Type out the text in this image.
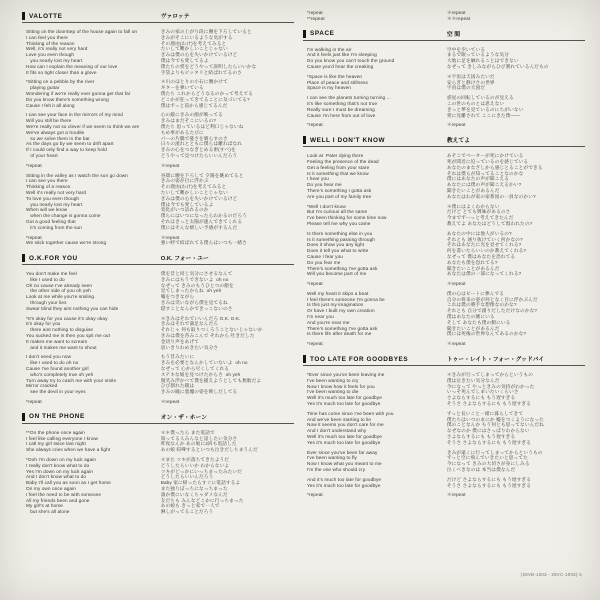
VALOTTE	ヴァロッテ
Sitting on the doorstep of the house again to fall on
I can feel you there
Thinking of the reason
Well, it's really not very hard
Love you even though
you nearly lost my heart
How can I explain the meaning of our love
It fits so tight closer than a glove
きみの家の上がり段に腰を下ろしていると
きみがそこにいるような気がする
その理由(わけ)を考えてみると
たいして難かしいことじゃない
きみは僕の心を失いかけているけど
僕は今でも愛してるよ
僕たちの愛をどうやって説明したらいいかな
手袋よりもピッタリと結ばれてるのさ
*Sitting on a pebble by the river
playing guitar
Wondering if we're really ever gonna get that far
Do you know there's something wrong
Cause I felt it all along
＊川のほとりの小石に腰かけて
ギターを弾いている
僕たち これからどうなるのかって考えてる
どこかが狂ってきてることに気づいてる?
僕はずっと前から感じてるんだ
I can see your face in the mirrors of my mind
Will you still be there
We're really not so clever if we seem to think we are
We've always got a trouble
so we solve them in the bar
As the days go by we seem to drift apart
If I could only find a way to keep hold
of your heart
心の鏡にきみの顔が映ってる
きみはまだそこにいるの?
僕たち 思っているほど利口じゃないね
もめ事があるたびに
バーの片隅で憂さを晴らすのさ
日々の流れとともに僕らは離ればなれ
きみの心をつなぎとめる術(すべ)を
どうやって見つけたらいいんだろう
*repeat	＊repeat
Sitting in the valley as I watch the sun go down
I can see you there
Thinking of a reason
Well it's really not very hard
To love you even though
you nearly lost my heart
When will we know
when the change is gonna come
Got a good feeling that
it's coming from the sun
谷間に腰を下ろして 夕陽を眺めてると
きみの姿が目に浮かぶ
その理由(わけ)を考えてみると
たいして難かしいことじゃない
きみは僕の心を失いかけているけど
僕は今でも愛しているよ
変化がいつ訪れるのか
僕らにはいつになったらわかるのだろう
それはきっと太陽が運んできてくれる
僕にはそんな嬉しい予感がするんだ
*repeat
We stick together cause we're strong
＊repeat
強い絆で結ばれてる僕らはいつも一緒さ
O.K.FOR YOU	O.K. フォー・ユー
You don't make me feel
like I used to do
Oh no cause I've already seen
the other side of you oh yeh
Look at me while you're smiling
through your lies
Swear blind they aint nothing you can hide
僕を昔と同じ気分にさせるなんて
きみにはもうできないよ  oh no
なぜって きみのもうひとつの顔を
見てしまったからね  oh yeh
嘘をつきながら
きみは笑いながら僕を見てるね
隠すことなんかできっこないのさ
*It's okay for you cause it's okay okay
It's okay for you
there aint nothing to disguise
You sucked me in then you spit me out
It makes me want to scream
and it makes me want to shout
＊きみはそれでいいんだろ O.K. O.K.
きみはそれで満足なんだろ
それじゃ 何も取りつくろうことないじゃないか
きみは僕を呑みこんで それから 吐きだした
金切り声をあげて
思いきりわめきたい気分さ
I don't need you now
like I used to do oh no
Cause I've found another girl
who's completely true oh yeh
Turn away try to catch me with your smile
Mirror cracked
see the devil in your eyes
もう昔みたいに
きみを必要となんかしていないよ  oh no
なぜって 心から尽くしてくれる
ステキな娘を見つけたからさ  oh yeh
微笑み浮かべて僕を捕えようとしても無駄だよ
ひび割れた鏡は
きみの瞳に悪魔の姿を映しだしてる
*repeat	＊repeat
ON THE PHONE	オン・ザ・ホーン
**On the phone once again
I feel like calling everyone I know
I call my girl twice last night
She always cries when we have a fight
＊＊僕ったら また電話で
知ってる人みんなと話したい気分さ
昨夜なんか あの娘に2回も電話した
あの娘 喧嘩するといつも泣きだしちまうんだ
*Ooh I'm down on my luck again
I really don't know what to do
Yes I'm down on my luck again
And I don't know what to do
Baby I'll call you as soon as I get home
On my own once again
I feel the need to be with someone
All my friends been and gone
My girl's at home
but she's all alone
＊また ツキが落ちてきたようだ
どうしたらいいか わからないよ
ツキがどっかにいっちまったみたいだ
どうしたらいいんだろう
Baby 家に帰ったらすぐに電話するよ
また独りぼっちになっちまった
誰か僕にいなくちゃダメなんだ
友だちも みんなどこかに行っちまった
あの娘も きっと家で一人で
淋しがってることだろう
*repeat
**repeat
＊repeat
＊＊repeat
SPACE	空 間
I'm walking in the air
And it feels just like I'm sleeping
Do you know you can't touch the ground
Cause you'd hear the creaking
空中を歩いている
まるで眠っているような気分
大地に足を触れることはできない
なぜって きしみながらひび割れているんだもの
*Space is like the heaven
Place of peace and stillness
Space is my heaven
＊宇宙は天国みたいだ
安らぎと静けさの世界
宇宙は僕の天国だ
I can see the planets turning turning ...
It's like something that's not true
Really sure I must be dreaming
Cause I'm here from out of love
惑星の回転しているのが見える
この世のものとは思えない
きっと夢を見ているのにちがいない
愛に見離されて ここにきた僕――
*repeat	＊repeat
WELL I DON'T KNOW	教えてよ
Look at  Pater dying there
Feeling the presence of the dead
Get a feeling from your stare
Is it something that we know
I hear you
Do you hear me
There's something I gotta ask
Are you part of my family tree
あそこでペーターが死にかけている
死が間近に迫っているのを感じている
あなたのまなざしから感じとることができる
それは僕らが知ってることなのかな
僕にはあなたの声が聞こえる
あなたには僕の声が聞こえるかい?
聞きたいことがあるんだ
あなたはわが家の家系図の一員なのかい?
*Well I don't know
But I'm curious all the same
I've been thinking for some time now
Please tell me why you came
＊僕にはよくわからない
だけど とても興味があるのさ
今までずーっと考えてきたんだ
教えてよ あなたはどうして現われたの?
Is there something else in you
Is it something passing through
Does it show you any light
Does it tell you what to write
Cause I fear you
Do you fear me
There's something I've gotta ask
Will you become part of me
あなたの中には他人がいるの?
それとも 通り抜けていく何かなの?
それはあなたに光を見せてくれる?
何を書いたらいいのか教えてくれる?
なぜって 僕はあなたを恐れてる
あなたも僕を恐れてる?
聞きたいことがあるんだ
あなたは僕の一部になってくれる?
*repeat	＊repeat
Well my heart it skips a beat
I feel there's someone I'm gonna be
Is this just my imagination
Or have I built my own creation
I'm near you
And you're near me
There's something I've gotta ask
Is there life after death for me
僕の心はビートに弾んでる
自分の将来の姿が何となく目に浮かぶんだ
これは僕の勝手な想像なのかな?
それとも 自分で創りだしただけなのかな?
僕はあなたの側にいる
そして あなたも僕の側にいる
聞きたいことがあるんだ
僕には死後の世界なんてあるのかな?
*repeat	＊repeat
TOO LATE FOR GOODBYES	トゥー・レイト・フォー・グッドバイ
*Ever since you've been leaving me
I've been wanting to cry
Now I know how it feels for you
I've been wanting to die
Well it's much too late for goodbye
Yes it's much too late for goodbye
＊きみが行ってしまってからというもの
僕は泣きたい気分なんだ
今になって やっときみの気持がわかった
いっそ死んでしまいたいくらいさ
さよならするにも もう遅すぎる
そうさ さよならするにも もう遅すぎる
Time has come since I've been with you
And we've been starting to lie
Now it seems you don't care for me
And I don't understand why
Well it's much too late for goodbye
Yes it's much too late for goodbye
ずっと長いこと一緒に暮らしてきて
僕たちはいつのまにか 嘘をつくようになった
僕のことなんか もう何とも思ってないんだね
なぜなのか 僕にはさっぱりわからない
さよならするにも もう遅すぎる
そうさ さよならするにも もう遅すぎる
Ever since you've been far away
I've been wanting to fly
Now I know what you meant to me
I'm the one who should cry
きみが遠くに行ってしまってからというもの
ずっと空に飛んでいきたいと思ってた
今になって きみの大切さが身にしみる
泣くべきなのは 本当は僕なんだ
And it's much too late for goodbye
Yes it's much too late for goodbye
だけど さよならするにも もう遅すぎる
そうさ さよならするにも もう遅すぎる
*repeat	＊repeat
(28VB-1003・28VC-1003)-3
